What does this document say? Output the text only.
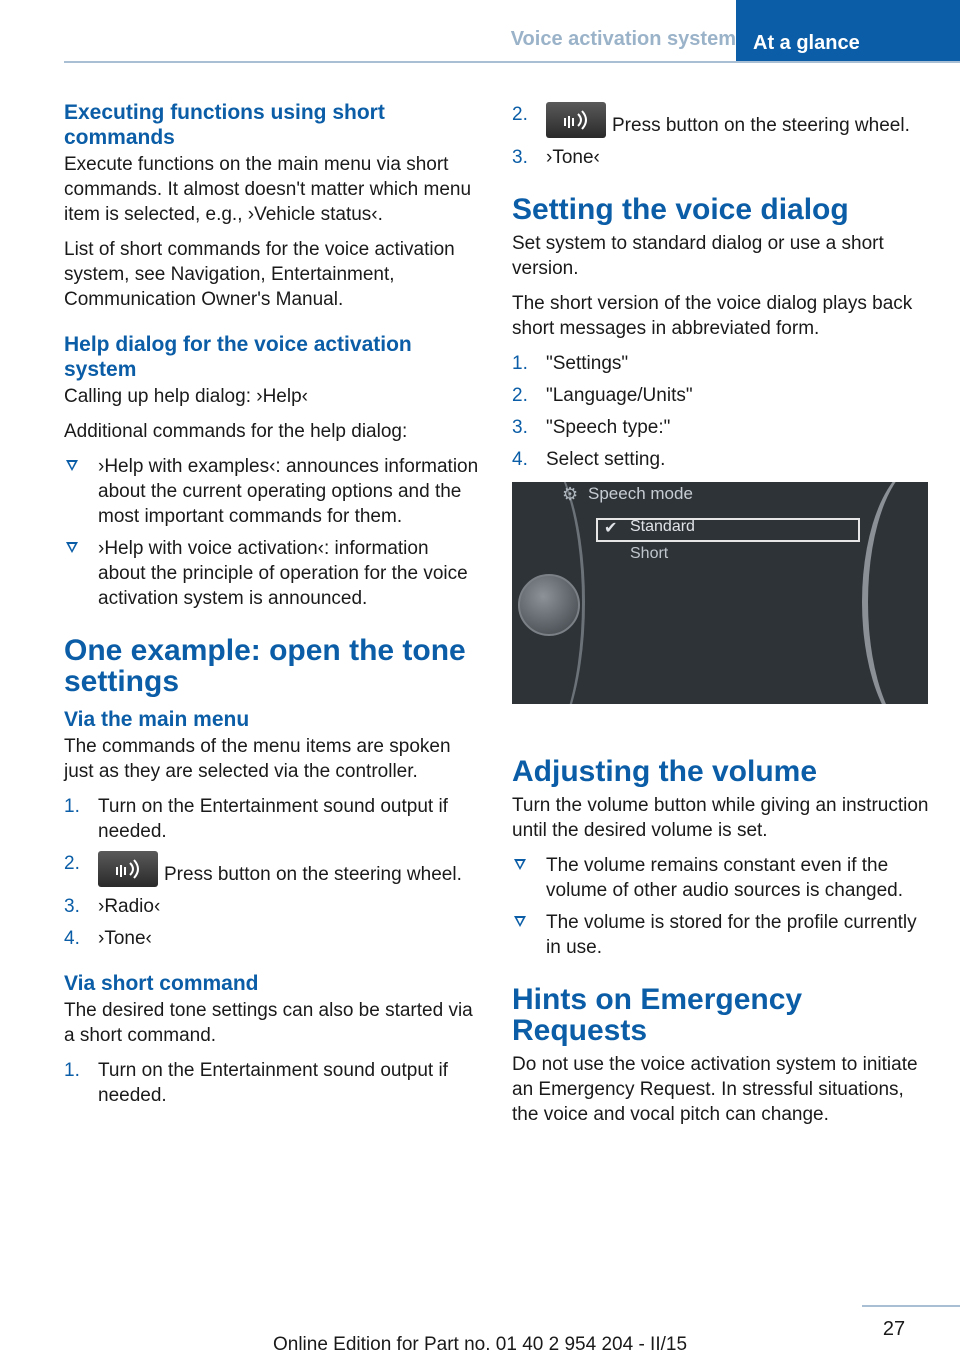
Voice activation system At a glance
Executing functions using short commands

Execute functions on the main menu via short commands. It almost doesn't matter which menu item is selected, e.g., ›Vehicle status‹.

List of short commands for the voice activation system, see Navigation, Entertainment, Communication Owner's Manual.

Help dialog for the voice activation system

Calling up help dialog: ›Help‹

Additional commands for the help dialog:

›Help with examples‹: announces information about the current operating options and the most important commands for them.
›Help with voice activation‹: information about the principle of operation for the voice activation system is announced.
One example: open the tone settings
Via the main menu

The commands of the menu items are spoken just as they are selected via the controller.

1. Turn on the Entertainment sound output if needed.
2.
Press button on the steering wheel.
3. ›Radio‹
4. ›Tone‹
Via short command

The desired tone settings can also be started via a short command.

1. Turn on the Entertainment sound output if needed.
2.
Press button on the steering wheel.
3. ›Tone‹
Setting the voice dialog

Set system to standard dialog or use a short version.

The short version of the voice dialog plays back short messages in abbreviated form.

1. "Settings"
2. "Language/Units"
3. "Speech type:"
4. Select setting.
⚙ Speech mode
✔ Standard
Short
Adjusting the volume

Turn the volume button while giving an instruction until the desired volume is set.

The volume remains constant even if the volume of other audio sources is changed.
The volume is stored for the profile currently in use.
Hints on Emergency Requests

Do not use the voice activation system to initiate an Emergency Request. In stressful situations, the voice and vocal pitch can change.

27
Online Edition for Part no. 01 40 2 954 204 - II/15
